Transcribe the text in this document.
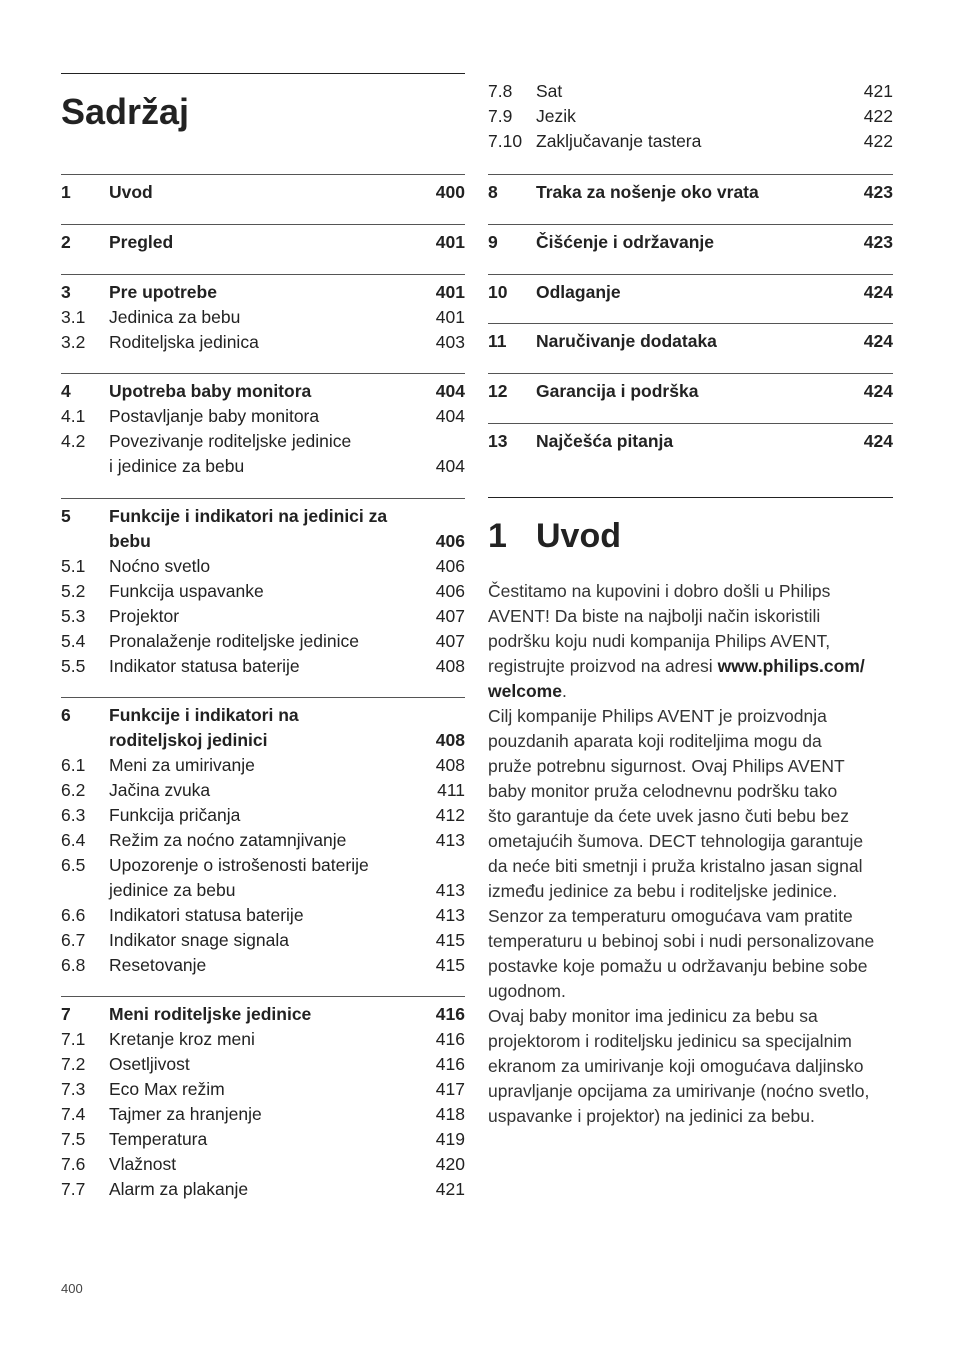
Sadržaj
1 Uvod	400
2 Pregled	401
3 Pre upotrebe	401
3.1 Jedinica za bebu	401
3.2 Roditeljska jedinica	403
4 Upotreba baby monitora	404
4.1 Postavljanje baby monitora	404
4.2 Povezivanje roditeljske jedinice
i jedinice za bebu	404
5 Funkcije i indikatori na jedinici za
bebu	406
5.1 Noćno svetlo	406
5.2 Funkcija uspavanke	406
5.3 Projektor	407
5.4 Pronalaženje roditeljske jedinice	407
5.5 Indikator statusa baterije	408
6 Funkcije i indikatori na
roditeljskoj jedinici	408
6.1 Meni za umirivanje	408
6.2 Jačina zvuka	411
6.3 Funkcija pričanja	412
6.4 Režim za noćno zatamnjivanje	413
6.5 Upozorenje o istrošenosti baterije
jedinice za bebu	413
6.6 Indikatori statusa baterije	413
6.7 Indikator snage signala	415
6.8 Resetovanje	415
7 Meni roditeljske jedinice	416
7.1 Kretanje kroz meni	416
7.2 Osetljivost	416
7.3 Eco Max režim	417
7.4 Tajmer za hranjenje	418
7.5 Temperatura	419
7.6 Vlažnost	420
7.7 Alarm za plakanje	421
7.8 Sat	421
7.9 Jezik	422
7.10 Zaključavanje tastera	422
8 Traka za nošenje oko vrata	423
9 Čišćenje i održavanje	423
10 Odlaganje	424
11 Naručivanje dodataka	424
12 Garancija i podrška	424
13 Najčešća pitanja	424
1 Uvod
Čestitamo na kupovini i dobro došli u Philips
AVENT! Da biste na najbolji način iskoristili
podršku koju nudi kompanija Philips AVENT,
registrujte proizvod na adresi www.philips.com/
welcome.
Cilj kompanije Philips AVENT je proizvodnja
pouzdanih aparata koji roditeljima mogu da
pruže potrebnu sigurnost. Ovaj Philips AVENT
baby monitor pruža celodnevnu podršku tako
što garantuje da ćete uvek jasno čuti bebu bez
ometajućih šumova. DECT tehnologija garantuje
da neće biti smetnji i pruža kristalno jasan signal
između jedinice za bebu i roditeljske jedinice.
Senzor za temperaturu omogućava vam pratite
temperaturu u bebinoj sobi i nudi personalizovane
postavke koje pomažu u održavanju bebine sobe
ugodnom.
Ovaj baby monitor ima jedinicu za bebu sa
projektorom i roditeljsku jedinicu sa specijalnim
ekranom za umirivanje koji omogućava daljinsko
upravljanje opcijama za umirivanje (noćno svetlo,
uspavanke i projektor) na jedinici za bebu.
400
